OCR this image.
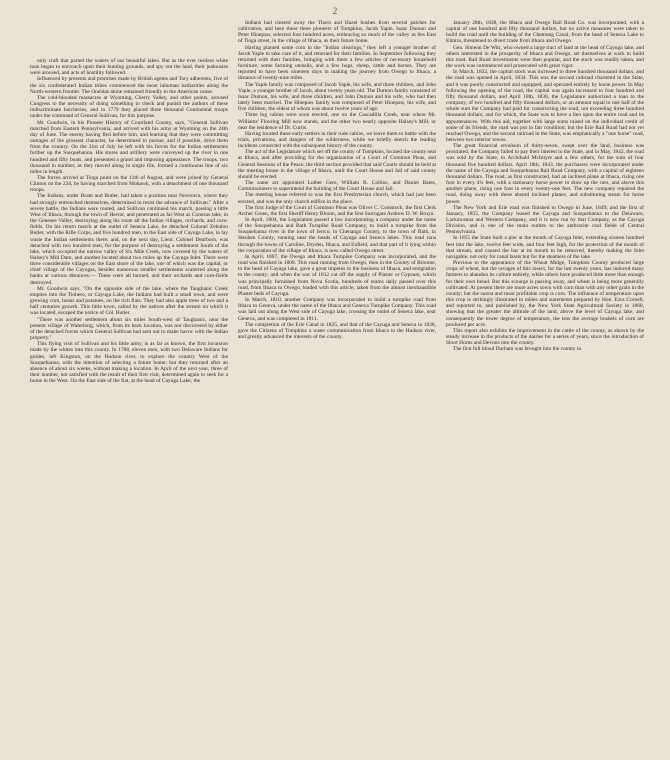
2

only craft that parted the waters of our beautiful lakes. But as the ever restless white man began to encroach upon their hunting grounds, and spy out the land, their jealousies were aroused, and acts of hostility followed.

Influenced by presents and promises made by British agents and Tory adherents, five of the six confederated Indian tribes commenced the most inhuman barbarities along the North-western frontier. The Oneidas alone remained friendly to the American cause.

The cold-blooded massacres at Wyoming, Cherry Valley, and other points, aroused Congress to the necessity of doing something to check and punish the authors of these indiscriminate butcheries, and in 1779 they placed three thousand Continental troops under the command of General Sullivan, for this purpose.

Mr. Goodwin, in his Pioneer History of Courtland County, says, "General Sullivan marched from Eastern Pennsylvania, and arrived with his army at Wyoming on the 24th day of June. The enemy having fled before him, and learning that they were committing outrages of the grossest character, he determined to pursue, and if possible, drive them from the country. On the 31st of July he left with his forces for the Indian settlements further up the Susquehanna. His stores and artillery were conveyed up the river in one hundred and fifty boats, and presented a grand and imposing appearance. The troops, two thousand in number, as they moved along in single file, formed a continuous line of six miles in length.

The forces arrived at Tioga point on the 11th of August, and were joined by General Clinton on the 22d, he having marched from Mohawk, with a detachment of one thousand troops.

The Indians, under Brant and Butler, had taken a position near Newtown, where they had strongly entrenched themselves, determined to resist the advance of Sullivan." After a severe battle, the Indians were routed, and Sullivan continued his march, passing a little West of Ithaca, through the town of Hector, and penetrated as far West as Conesus lake, in the Genesee Valley, destroying along his route all the Indian villages, orchards, and corn-fields. On his return march at the outlet of Seneca Lake, he detached Colonel Zebulon Butler, with the Rifle Corps, and five hundred men, to the East side of Cayuga Lake, to lay waste the Indian settlements there; and, on the next day, Lieut. Colonel Dearborn, was detached with two hundred men, for the purpose of destroying a settlement South of the lake, which occupied the narrow valley of Six Mile Creek, now covered by the waters of Halsey's Mill Dam, and another located about two miles up the Cayuga Inlet. There were three considerable villages on the East shore of the lake, one of which was the capital, or chief village of the Cayugas, besides numerous smaller settlements scattered along the banks at various distances.— These were all burned, and their orchards and corn-fields destroyed.

Mr. Goodwin says, "On the opposite side of the lake, where the Taughanic Creek empties into the Tiohero, or Cayuga Lake, the Indians had built a small town, and were growing corn, beans and potatoes, on the rich flats. They had also apple trees of two and a half centuries growth. This little town, called by the natives after the stream on which it was located, escaped the notice of Col. Butler.

"There was another settlement about six miles South-west of Taughanic, near the present village of Waterburg, which, from its back location, was not discovered by either of the detached forces which General Sullivan had sent out to make havoc with the Indian property."

This flying visit of Sullivan and his little army, is as far as known, the first incursion made by the whites into this county. In 1788, eleven men, with two Delaware Indians for guides, left Kingston, on the Hudson river, to explore the country West of the Susquehanna, with the intention of selecting a future home; but they returned after an absence of about six weeks, without making a location. In April of the next year, three of their number, not satisfied with the result of their first visit, determined again to seek for a home in the West. On the East side of the flat, at the head of Cayuga Lake, the

Indians had cleared away the Thorn and Hazel bushes from several patches for cultivation, and here these three pioneers of Tompkins, Jacob Yaple, Isaac Dumon and Peter Hinepaw, selected four hundred acres, embracing so much of the valley as lies East of Tioga street, in the village of Ithaca, as their future home.

Having planted some corn in the "Indian clearings," they left a younger brother of Jacob Yaple to take care of it, and returned for their families. In September following they returned with their families, bringing with them a few articles of necessary household furniture, some farming utensils, and a few hogs, sheep, cattle and horses. They are reported to have been nineteen days in making the journey from Owego to Ithaca, a distance of twenty-nine miles.

The Yaple family was composed of Jacob Yaple, his wife, and three children, and John Yaple, a younger brother of Jacob, about twenty years old. The Dumon family consisted of Isaac Dumon, his wife, and three children, and John Dumon and his wife, who had then lately been married. The Hinepaw family was composed of Peter Hinepaw, his wife, and five children, the oldest of whom was about twelve years of age.

Three log cabins were soon erected, one on the Cascadilla Creek, near where Mr. Williams' Flouring Mill now stands, and the other two nearly opposite Halsey's Mill, or near the residence of Dr. Curtis.

Having located these early settlers in their rude cabins, we leave them to battle with the trials, privations, and dangers of the wilderness, while we briefly sketch the leading incidents connected with the subsequent history of the county.

The act of the Legislature which set off the county of Tompkins, located the county seat at Ithaca, and after providing for the organization of a Court of Common Pleas, and General Sessions of the Peace, the third section provided that said Courts should be held at the meeting house in the village of Ithaca, until the Court House and Jail of said county should be erected.

The same act appointed Luther Gere, William R. Collins, and Daniel Bates, Commissioners to superintend the building of the Court House and Jail.

The meeting house referred to was the first Presbyterian church, which had just been erected, and was the only church edifice in the place.

The first Judge of the Court of Common Pleas was Oliver C. Comstock, the first Clerk Archer Green, the first Sheriff Henry Bloom, and the first Surrogate Andrew D. W. Bruyn.

In April, 1804, the Legislature passed a law incorporating a company under the name of the Susquehanna and Bath Turnpike Road Company, to build a turnpike from the Susquehanna river in the town of Jerico, in Chenango County, to the town of Bath, in Steuben County, running near the heads of Cayuga and Seneca lakes. This road runs through the towns of Caroline, Dryden, Ithaca, and Enfield, and that part of it lying within the corporation of the village of Ithaca, is now called Owego street.

In April, 1807, the Owego and Ithaca Turnpike Company was incorporated, and the road was finished in 1808. This road running from Owego, then in the County of Broome, to the head of Cayuga lake, gave a great impetus to the business of Ithaca, and emigration to the county; and when the war of 1812 cut off the supply of Plaster or Gypsum, which was principally furnished from Nova Scotia, hundreds of teams daily passed over this road, from Ithaca to Owego, loaded with this article, taken from the almost inexhaustible Plaster beds of Cayuga.

In March, 1810, another Company was incorporated to build a turnpike road from Ithaca to Geneva, under the name of the Ithaca and Geneva Turnpike Company. This road was laid out along the West side of Cayuga lake, crossing the outlet of Seneca lake, near Geneva, and was completed in 1811.

The completion of the Erie Canal in 1825, and that of the Cayuga and Seneca in 1828, gave the Citizens of Tompkins a water communication from Ithaca to the Hudson river, and greatly advanced the interests of the county.

January 28th, 1828, the Ithaca and Owego Rail Road Co. was incorporated, with a capital of one hundred and fifty thousand dollars, but no active measures were taken to build the road until the building of the Chemung Canal, from the head of Seneca Lake to Elmira, threatened to divert trade from Ithaca and Owego.

Gen. Simeon De Witt, who owned a large tract of land at the head of Cayuga lake, and others interested in the prosperity of Ithaca and Owego, set themselves at work to build this road. Rail Road investments were then popular, and the stock was readily taken, and the work was commenced and prosecuted with great vigor.

In March, 1832, the capital stock was increased to three hundred thousand dollars, and the road was opened in April, 1834. This was the second railroad chartered in the State, and it was poorly constructed and equipped, and operated entirely by horse power. In May following the opening of the road, the capital was again increased to four hundred and fifty thousand dollars, and April 18th, 1838, the Legislature authorized a loan to the company, of two hundred and fifty thousand dollars, or an amount equal to one half of the whole sum the Company had paid for constructing the road, not exceeding three hundred thousand dollars; and for which, the State was to have a lien upon the entire road and its appurtenances. With this aid, together with large sums raised on the individual credit of some of its friends, the road was put in fair condition; but the Erie Rail Road had not yet reached Owego, and the second railroad in the State, was emphatically a "one horse" road, between two interior towns.

The great financial revulsion of thirty-seven, swept over the land, business was prostrated, the Company failed to pay their interest to the State, and in May, 1842, the road was sold by the State, to Archibald McIntyre and a few others, for the sum of four thousand five hundred dollars. April 18th, 1843, the purchasers were incorporated under the name of the Cayuga and Susquehanna Rail Road Company, with a capital of eighteen thousand dollars. The road, as first constructed, had an inclined plane at Ithaca, rising one foot in every 4¼ feet, with a stationary horse power to draw up the cars, and above this another plane, rising one foot in every twenty-one feet. The new company repaired the road, doing away with these absurd inclined planes, and substituting steam for horse power.

The New York and Erie road was finished to Owego in June, 1849; and the first of January, 1855, the Company leased the Cayuga and Susquehanna to the Delaware, Lackawanna and Western Company, and it is now run by that Company, as the Cayuga Division, and is one of the main outlets to the anthracite coal fields of Central Pennsylvania.

In 1855 the State built a pier at the mouth of Cayuga Inlet, extending sixteen hundred feet into the lake, twelve feet wide, and four feet high, for the protection of the mouth of that stream, and caused the bar at its mouth to be removed, thereby making the Inlet navigable, not only for canal boats but for the steamers of the lake.

Previous to the appearance of the Wheat Midge, Tompkins County produced large crops of wheat, but the ravages of this insect, for the last twenty years, has induced many farmers to abandon its culture entirely, while others have produced little more than enough for their own bread. But this scourge is passing away, and wheat is being more generally cultivated. At present there are more acres sown with corn than with any other grain in the county; but the surest and most profitable crop is corn. The influence of temperature upon this crop is strikingly illustrated in tables and statements prepared by Hon. Ezra Cornell, and reported to, and published by, the New York State Agricultural Society in 1860, showing that the greater the altitude of the land, above the level of Cayuga lake, and consequently the lower degree of temperature, the less the average bushels of corn are produced per acre.

This report also exhibits the improvement in the cattle of the county, as shown by the steady increase in the products of the dairies for a series of years, since the introduction of Short Horns and Devons into the county.

The first full blood Durham was brought into the county in
